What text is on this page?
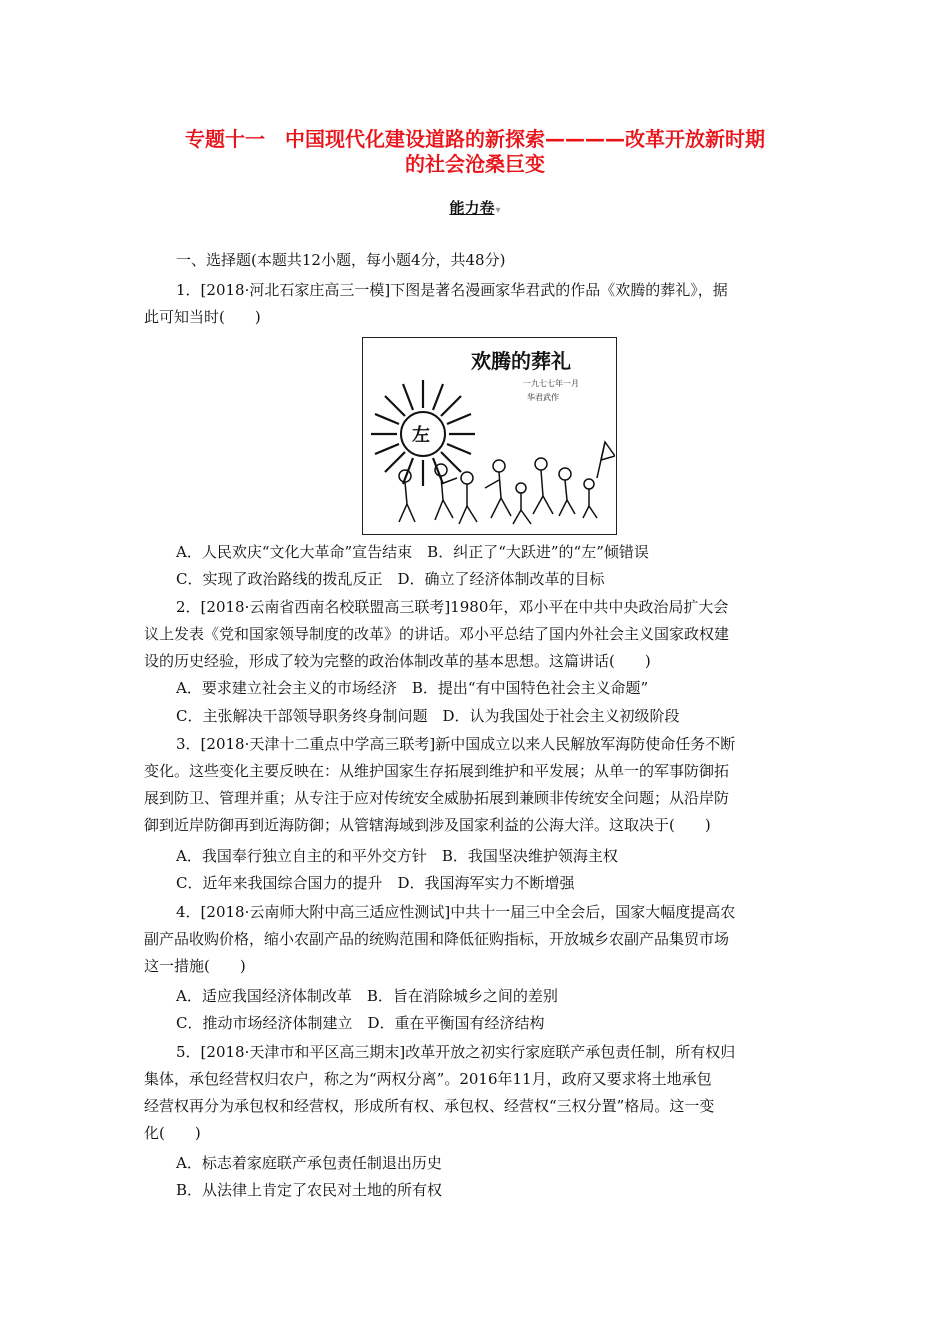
专题十一　中国现代化建设道路的新探索————改革开放新时期
的社会沧桑巨变
能力卷▾
一、选择题(本题共12小题，每小题4分，共48分)
1．[2018·河北石家庄高三一模]下图是著名漫画家华君武的作品《欢腾的葬礼》，据
此可知当时(　　)
欢腾的葬礼
一九七七年一月
华君武作
左
A．人民欢庆“文化大革命”宣告结束　B．纠正了“大跃进”的“左”倾错误
C．实现了政治路线的拨乱反正　D．确立了经济体制改革的目标
2．[2018·云南省西南名校联盟高三联考]1980年，邓小平在中共中央政治局扩大会
议上发表《党和国家领导制度的改革》的讲话。邓小平总结了国内外社会主义国家政权建
设的历史经验，形成了较为完整的政治体制改革的基本思想。这篇讲话(　　)
A．要求建立社会主义的市场经济　B．提出“有中国特色社会主义命题”
C．主张解决干部领导职务终身制问题　D．认为我国处于社会主义初级阶段
3．[2018·天津十二重点中学高三联考]新中国成立以来人民解放军海防使命任务不断
变化。这些变化主要反映在：从维护国家生存拓展到维护和平发展；从单一的军事防御拓
展到防卫、管理并重；从专注于应对传统安全威胁拓展到兼顾非传统安全问题；从沿岸防
御到近岸防御再到近海防御；从管辖海域到涉及国家利益的公海大洋。这取决于(　　)
A．我国奉行独立自主的和平外交方针　B．我国坚决维护领海主权
C．近年来我国综合国力的提升　D．我国海军实力不断增强
4．[2018·云南师大附中高三适应性测试]中共十一届三中全会后，国家大幅度提高农
副产品收购价格，缩小农副产品的统购范围和降低征购指标，开放城乡农副产品集贸市场
这一措施(　　)
A．适应我国经济体制改革　B．旨在消除城乡之间的差别
C．推动市场经济体制建立　D．重在平衡国有经济结构
5．[2018·天津市和平区高三期末]改革开放之初实行家庭联产承包责任制，所有权归
集体，承包经营权归农户，称之为“两权分离”。2016年11月，政府又要求将土地承包
经营权再分为承包权和经营权，形成所有权、承包权、经营权“三权分置”格局。这一变
化(　　)
A．标志着家庭联产承包责任制退出历史
B．从法律上肯定了农民对土地的所有权
